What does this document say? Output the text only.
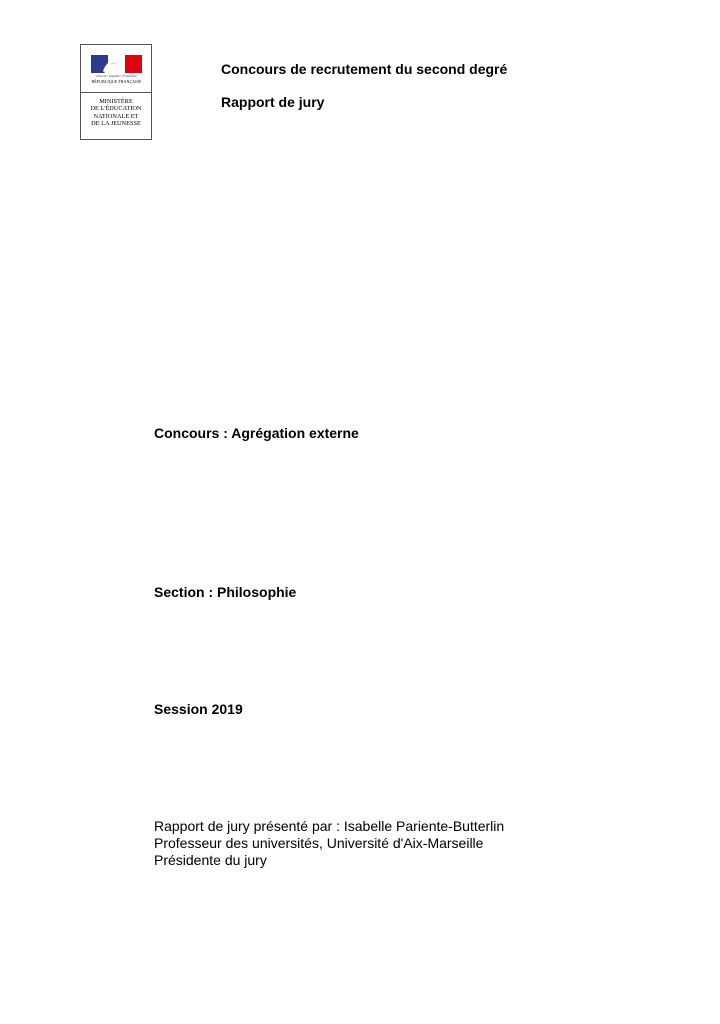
Liberté • Égalité • Fraternité
RÉPUBLIQUE FRANÇAISE
MINISTÈRE
DE L'ÉDUCATION
NATIONALE ET
DE LA JEUNESSE
Concours de recrutement du second degré
Rapport de jury
Concours : Agrégation externe
Section : Philosophie
Session 2019
Rapport de jury présenté par : Isabelle Pariente-Butterlin
Professeur des universités, Université d'Aix-Marseille
Présidente du jury
